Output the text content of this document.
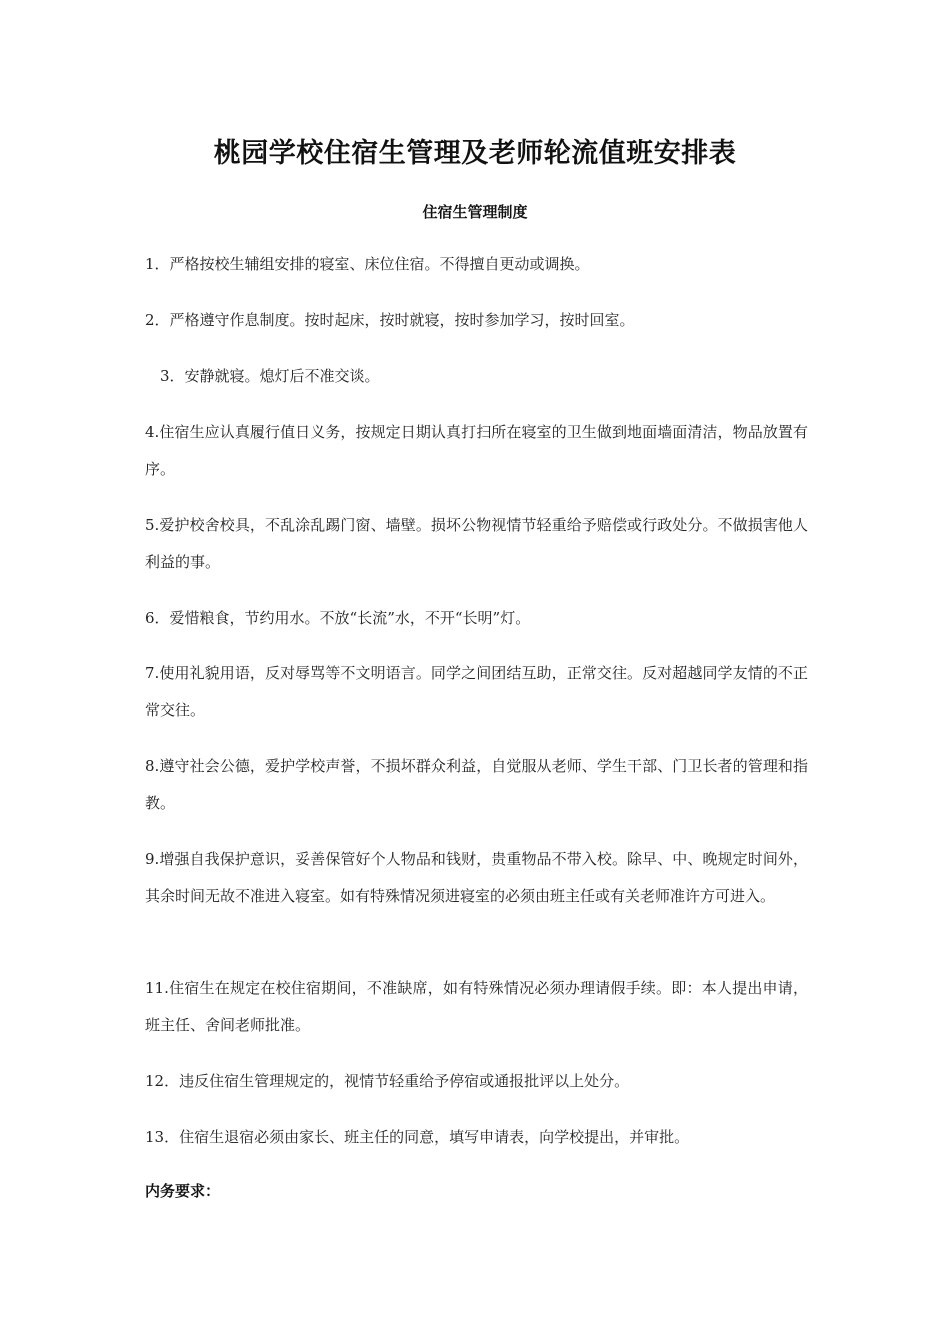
桃园学校住宿生管理及老师轮流值班安排表
住宿生管理制度
1．严格按校生辅组安排的寝室、床位住宿。不得擅自更动或调换。
2．严格遵守作息制度。按时起床，按时就寝，按时参加学习，按时回室。
3．安静就寝。熄灯后不准交谈。
4.住宿生应认真履行值日义务，按规定日期认真打扫所在寝室的卫生做到地面墙面清洁，物品放置有序。
5.爱护校舍校具，不乱涂乱踢门窗、墙壁。损坏公物视情节轻重给予赔偿或行政处分。不做损害他人利益的事。
6．爱惜粮食，节约用水。不放“长流”水，不开“长明”灯。
7.使用礼貌用语，反对辱骂等不文明语言。同学之间团结互助，正常交往。反对超越同学友情的不正常交往。
8.遵守社会公德，爱护学校声誉，不损坏群众利益，自觉服从老师、学生干部、门卫长者的管理和指教。
9.增强自我保护意识，妥善保管好个人物品和钱财，贵重物品不带入校。除早、中、晚规定时间外，其余时间无故不准进入寝室。如有特殊情况须进寝室的必须由班主任或有关老师准许方可进入。
11.住宿生在规定在校住宿期间，不准缺席，如有特殊情况必须办理请假手续。即：本人提出申请，班主任、舍间老师批准。
12．违反住宿生管理规定的，视情节轻重给予停宿或通报批评以上处分。
13．住宿生退宿必须由家长、班主任的同意，填写申请表，向学校提出，并审批。
内务要求：
